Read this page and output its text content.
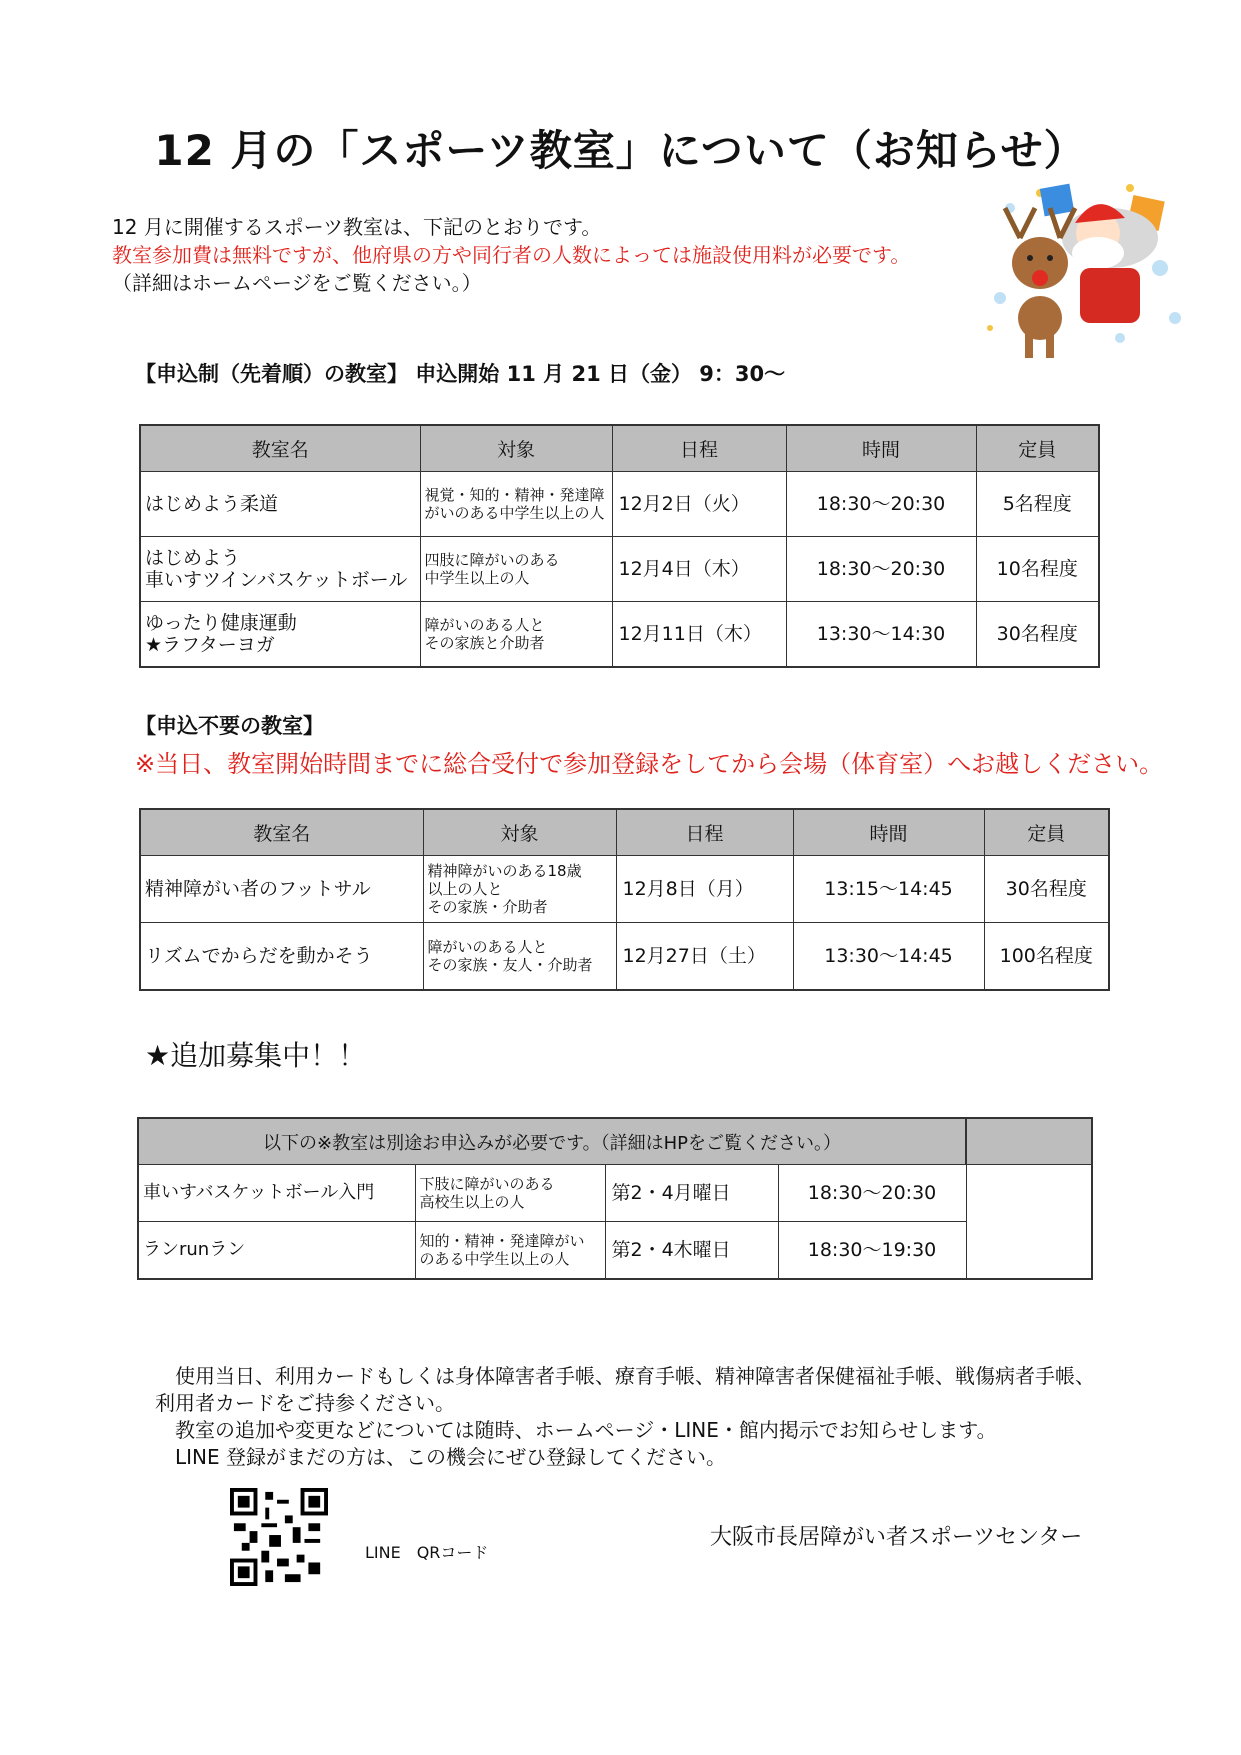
12 月の「スポーツ教室」について（お知らせ）
12 月に開催するスポーツ教室は、下記のとおりです。
教室参加費は無料ですが、他府県の方や同行者の人数によっては施設使用料が必要です。
（詳細はホームページをご覧ください。）
【申込制（先着順）の教室】 申込開始 11 月 21 日（金） 9：30～
教室名	対象	日程	時間	定員
はじめよう柔道	視覚・知的・精神・発達障がいのある中学生以上の人	12月2日（火）	18:30～20:30	5名程度
はじめよう
車いすツインバスケットボール	四肢に障がいのある
中学生以上の人	12月4日（木）	18:30～20:30	10名程度
ゆったり健康運動
★ラフターヨガ	障がいのある人と
その家族と介助者	12月11日（木）	13:30～14:30	30名程度
【申込不要の教室】
※当日、教室開始時間までに総合受付で参加登録をしてから会場（体育室）へお越しください。
教室名	対象	日程	時間	定員
精神障がい者のフットサル	精神障がいのある18歳
以上の人と
その家族・介助者	12月8日（月）	13:15～14:45	30名程度
リズムでからだを動かそう	障がいのある人と
その家族・友人・介助者	12月27日（土）	13:30～14:45	100名程度
★追加募集中！！
以下の※教室は別途お申込みが必要です。（詳細はHPをご覧ください。）				
車いすバスケットボール入門	下肢に障がいのある
高校生以上の人	第2・4月曜日	18:30～20:30	
ランrunラン	知的・精神・発達障がい
のある中学生以上の人	第2・4木曜日	18:30～19:30	
使用当日、利用カードもしくは身体障害者手帳、療育手帳、精神障害者保健福祉手帳、戦傷病者手帳、
利用者カードをご持参ください。
教室の追加や変更などについては随時、ホームページ・LINE・館内掲示でお知らせします。
LINE 登録がまだの方は、この機会にぜひ登録してください。
LINE　QRコード
大阪市長居障がい者スポーツセンター
